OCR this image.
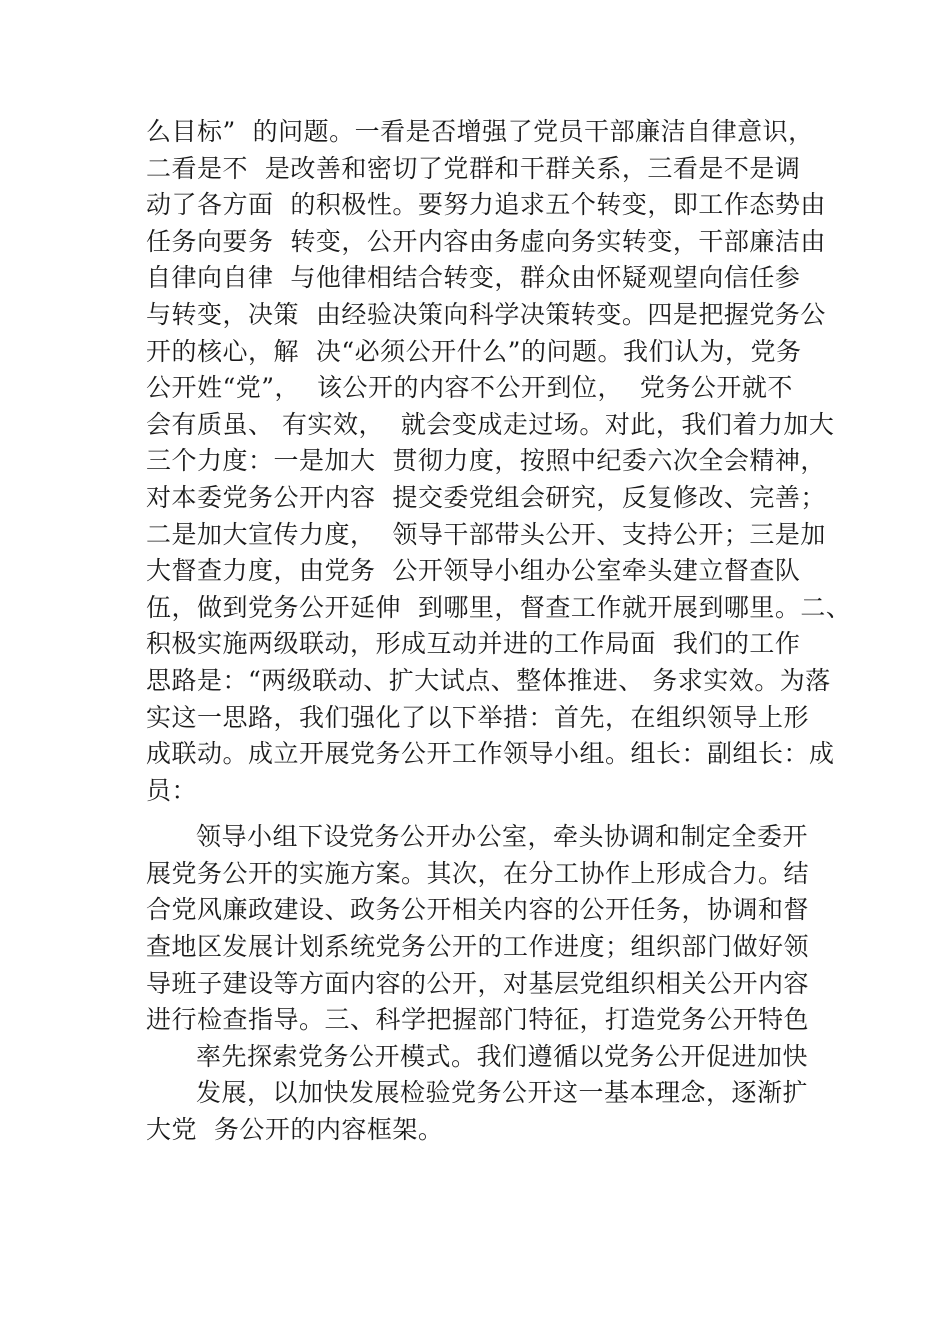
么目标”  的问题。一看是否增强了党员干部廉洁自律意识，
二看是不  是改善和密切了党群和干群关系，三看是不是调
动了各方面  的积极性。要努力追求五个转变，即工作态势由
任务向要务  转变，公开内容由务虚向务实转变，干部廉洁由
自律向自律  与他律相结合转变，群众由怀疑观望向信任参
与转变，决策  由经验决策向科学决策转变。四是把握党务公
开的核心，解  决“必须公开什么”的问题。我们认为，党务
公开姓“党”，  该公开的内容不公开到位，  党务公开就不
会有质虽、 有实效，  就会变成走过场。对此，我们着力加大
三个力度：一是加大  贯彻力度，按照中纪委六次全会精神，
对本委党务公开内容  提交委党组会研究，反复修改、完善；
二是加大宣传力度，  领导干部带头公开、支持公开；三是加
大督查力度，由党务  公开领导小组办公室牵头建立督查队
伍，做到党务公开延伸  到哪里，督查工作就开展到哪里。二、
积极实施两级联动，形成互动并进的工作局面  我们的工作
思路是：“两级联动、扩大试点、整体推进、 务求实效。为落
实这一思路，我们强化了以下举措：首先，在组织领导上形
成联动。成立开展党务公开工作领导小组。组长：副组长：成
员：
领导小组下设党务公开办公室，牵头协调和制定全委开
展党务公开的实施方案。其次，在分工协作上形成合力。结
合党风廉政建设、政务公开相关内容的公开任务，协调和督
查地区发展计划系统党务公开的工作进度；组织部门做好领
导班子建设等方面内容的公开，对基层党组织相关公开内容
进行检查指导。三、科学把握部门特征，打造党务公开特色
率先探索党务公开模式。我们遵循以党务公开促进加快
发展，以加快发展检验党务公开这一基本理念，逐渐扩
大党  务公开的内容框架。
